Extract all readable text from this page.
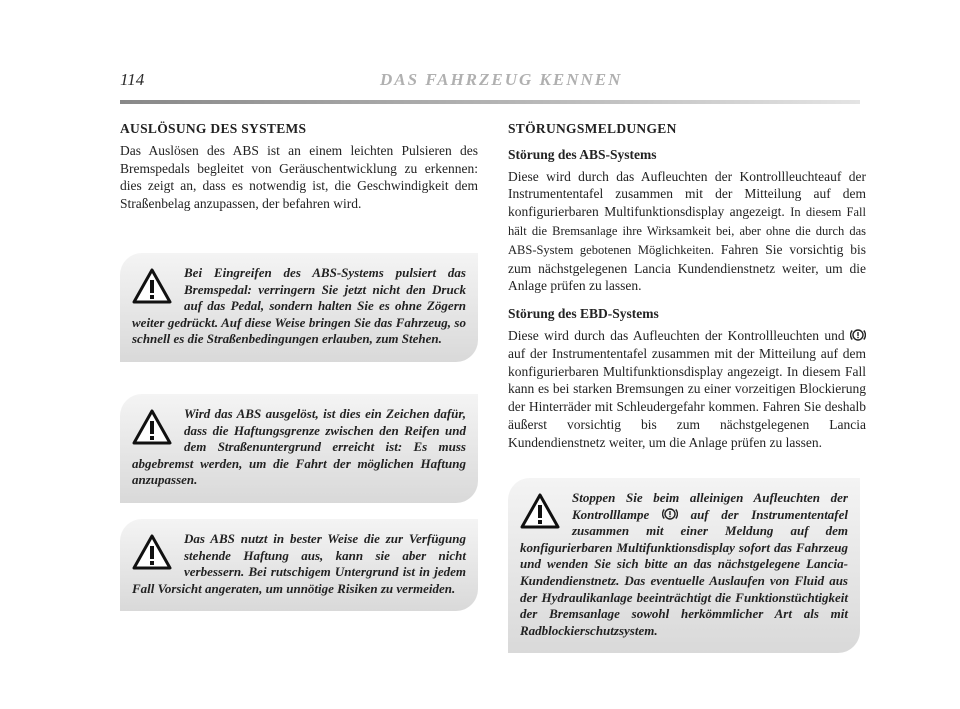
114	DAS FAHRZEUG KENNEN
AUSLÖSUNG DES SYSTEMS

Das Auslösen des ABS ist an einem leichten Pulsieren des Bremspedals begleitet von Geräuschentwicklung zu erkennen: dies zeigt an, dass es notwendig ist, die Geschwindigkeit dem Straßenbelag anzupassen, der befahren wird.

Bei Eingreifen des ABS-Systems pulsiert das Bremspedal: verringern Sie jetzt nicht den Druck auf das Pedal, sondern halten Sie es ohne Zögern weiter gedrückt. Auf diese Weise bringen Sie das Fahrzeug, so schnell es die Straßenbedingungen erlauben, zum Stehen.
Wird das ABS ausgelöst, ist dies ein Zeichen dafür, dass die Haftungsgrenze zwischen den Reifen und dem Straßenuntergrund erreicht ist: Es muss abgebremst werden, um die Fahrt der möglichen Haftung anzupassen.
Das ABS nutzt in bester Weise die zur Verfügung stehende Haftung aus, kann sie aber nicht verbessern. Bei rutschigem Untergrund ist in jedem Fall Vorsicht angeraten, um unnötige Risiken zu vermeiden.
STÖRUNGSMELDUNGEN
Störung des ABS-Systems

Diese wird durch das Aufleuchten der Kontrollleuchteauf der Instrumententafel zusammen mit der Mitteilung auf dem konfigurierbaren Multifunktionsdisplay angezeigt. In diesem Fall hält die Bremsanlage ihre Wirksamkeit bei, aber ohne die durch das ABS-System gebotenen Möglichkeiten. Fahren Sie vorsichtig bis zum nächstgelegenen Lancia Kundendienstnetz weiter, um die Anlage prüfen zu lassen.

Störung des EBD-Systems

Diese wird durch das Aufleuchten der Kontrollleuchten und  auf der Instrumententafel zusammen mit der Mitteilung auf dem konfigurierbaren Multifunktionsdisplay angezeigt. In diesem Fall kann es bei starken Bremsungen zu einer vorzeitigen Blockierung der Hinterräder mit Schleudergefahr kommen. Fahren Sie deshalb äußerst vorsichtig bis zum nächstgelegenen Lancia Kundendienstnetz weiter, um die Anlage prüfen zu lassen.

Stoppen Sie beim alleinigen Aufleuchten der Kontrolllampe	auf der Instrumententafel zusammen mit einer Meldung auf dem konfigurierbaren Multifunktionsdisplay sofort das Fahrzeug und wenden Sie sich bitte an das nächstgelegene Lancia-Kundendienstnetz. Das eventuelle Auslaufen von Fluid aus der Hydraulikanlage beeinträchtigt die Funktionstüchtigkeit der Bremsanlage sowohl herkömmlicher Art als mit Radblockierschutzsystem.
